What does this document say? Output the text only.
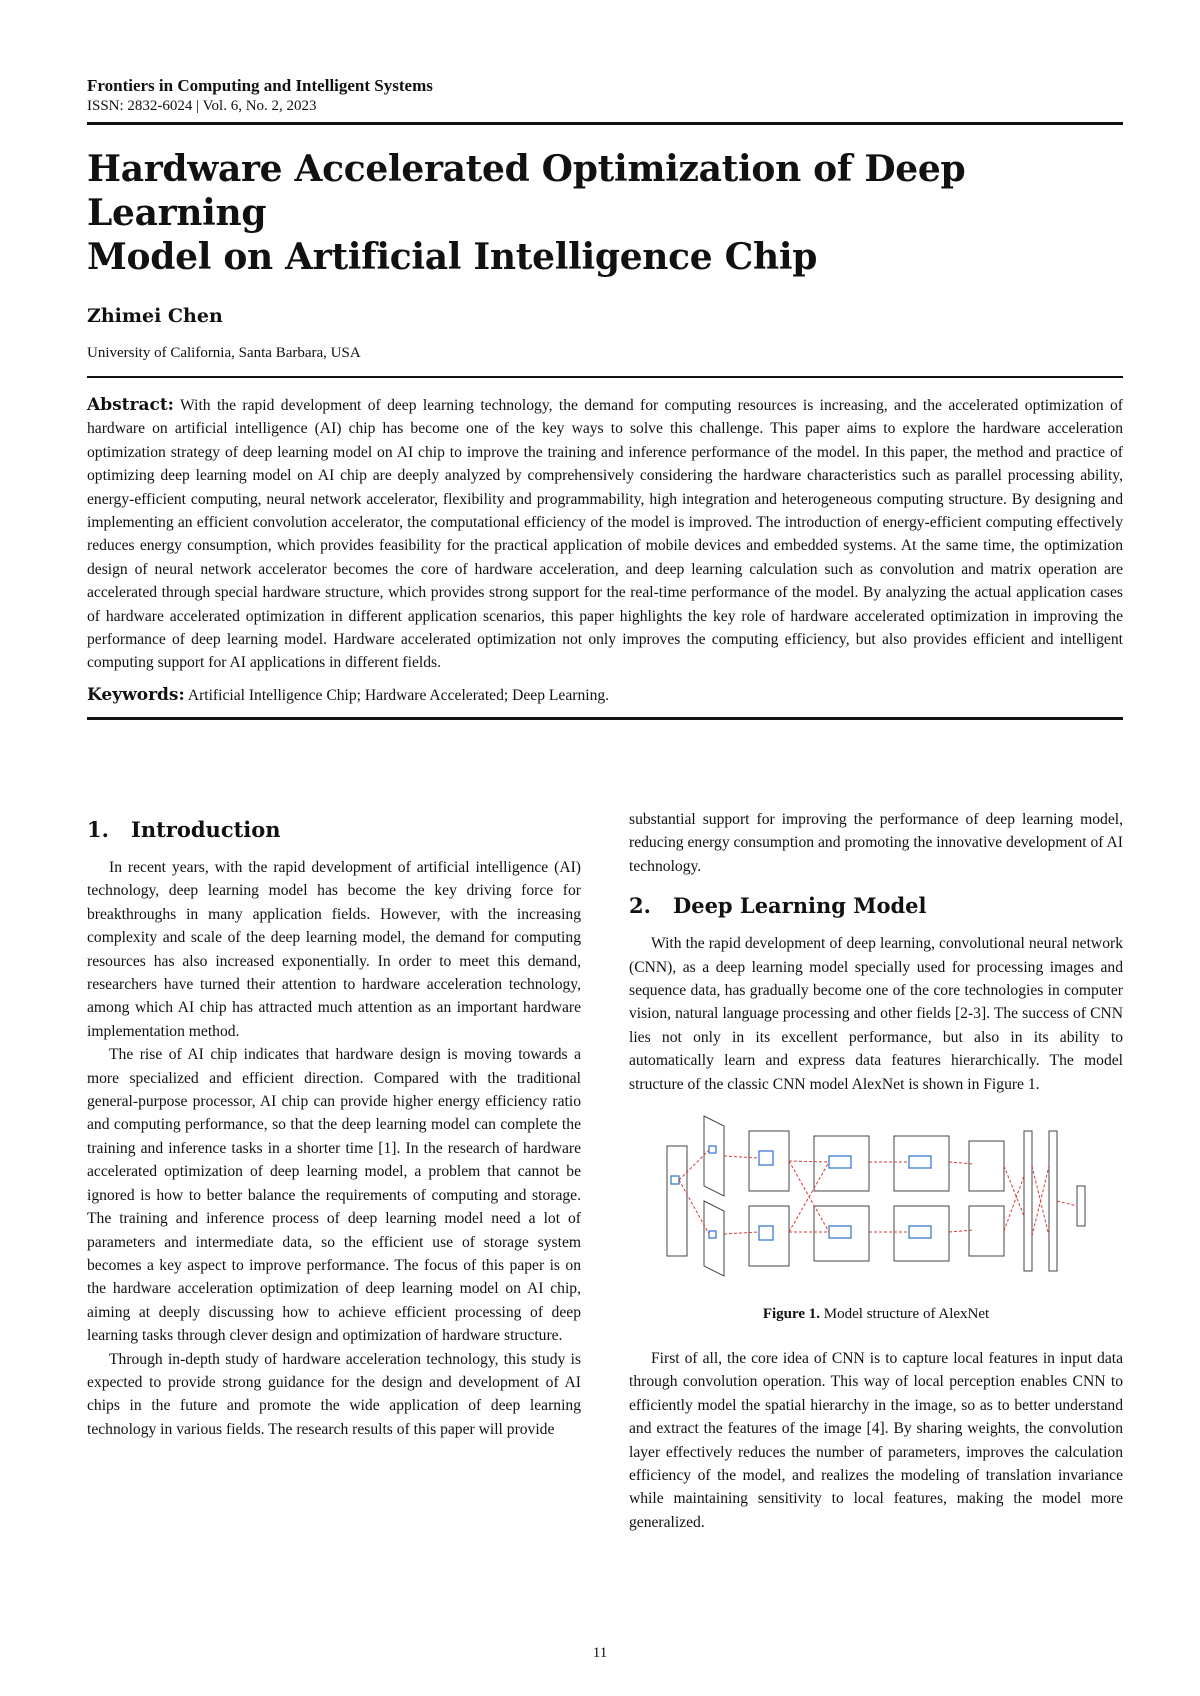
Frontiers in Computing and Intelligent Systems
ISSN: 2832-6024 | Vol. 6, No. 2, 2023
Hardware Accelerated Optimization of Deep Learning
Model on Artificial Intelligence Chip
Zhimei Chen
University of California, Santa Barbara, USA
Abstract: With the rapid development of deep learning technology, the demand for computing resources is increasing, and the accelerated optimization of hardware on artificial intelligence (AI) chip has become one of the key ways to solve this challenge. This paper aims to explore the hardware acceleration optimization strategy of deep learning model on AI chip to improve the training and inference performance of the model. In this paper, the method and practice of optimizing deep learning model on AI chip are deeply analyzed by comprehensively considering the hardware characteristics such as parallel processing ability, energy-efficient computing, neural network accelerator, flexibility and programmability, high integration and heterogeneous computing structure. By designing and implementing an efficient convolution accelerator, the computational efficiency of the model is improved. The introduction of energy-efficient computing effectively reduces energy consumption, which provides feasibility for the practical application of mobile devices and embedded systems. At the same time, the optimization design of neural network accelerator becomes the core of hardware acceleration, and deep learning calculation such as convolution and matrix operation are accelerated through special hardware structure, which provides strong support for the real-time performance of the model. By analyzing the actual application cases of hardware accelerated optimization in different application scenarios, this paper highlights the key role of hardware accelerated optimization in improving the performance of deep learning model. Hardware accelerated optimization not only improves the computing efficiency, but also provides efficient and intelligent computing support for AI applications in different fields.
Keywords: Artificial Intelligence Chip; Hardware Accelerated; Deep Learning.
1. Introduction

In recent years, with the rapid development of artificial intelligence (AI) technology, deep learning model has become the key driving force for breakthroughs in many application fields. However, with the increasing complexity and scale of the deep learning model, the demand for computing resources has also increased exponentially. In order to meet this demand, researchers have turned their attention to hardware acceleration technology, among which AI chip has attracted much attention as an important hardware implementation method.

The rise of AI chip indicates that hardware design is moving towards a more specialized and efficient direction. Compared with the traditional general-purpose processor, AI chip can provide higher energy efficiency ratio and computing performance, so that the deep learning model can complete the training and inference tasks in a shorter time [1]. In the research of hardware accelerated optimization of deep learning model, a problem that cannot be ignored is how to better balance the requirements of computing and storage. The training and inference process of deep learning model need a lot of parameters and intermediate data, so the efficient use of storage system becomes a key aspect to improve performance. The focus of this paper is on the hardware acceleration optimization of deep learning model on AI chip, aiming at deeply discussing how to achieve efficient processing of deep learning tasks through clever design and optimization of hardware structure.

Through in-depth study of hardware acceleration technology, this study is expected to provide strong guidance for the design and development of AI chips in the future and promote the wide application of deep learning technology in various fields. The research results of this paper will provide

substantial support for improving the performance of deep learning model, reducing energy consumption and promoting the innovative development of AI technology.

2. Deep Learning Model

With the rapid development of deep learning, convolutional neural network (CNN), as a deep learning model specially used for processing images and sequence data, has gradually become one of the core technologies in computer vision, natural language processing and other fields [2-3]. The success of CNN lies not only in its excellent performance, but also in its ability to automatically learn and express data features hierarchically. The model structure of the classic CNN model AlexNet is shown in Figure 1.

Figure 1. Model structure of AlexNet

First of all, the core idea of CNN is to capture local features in input data through convolution operation. This way of local perception enables CNN to efficiently model the spatial hierarchy in the image, so as to better understand and extract the features of the image [4]. By sharing weights, the convolution layer effectively reduces the number of parameters, improves the calculation efficiency of the model, and realizes the modeling of translation invariance while maintaining sensitivity to local features, making the model more generalized.

11
